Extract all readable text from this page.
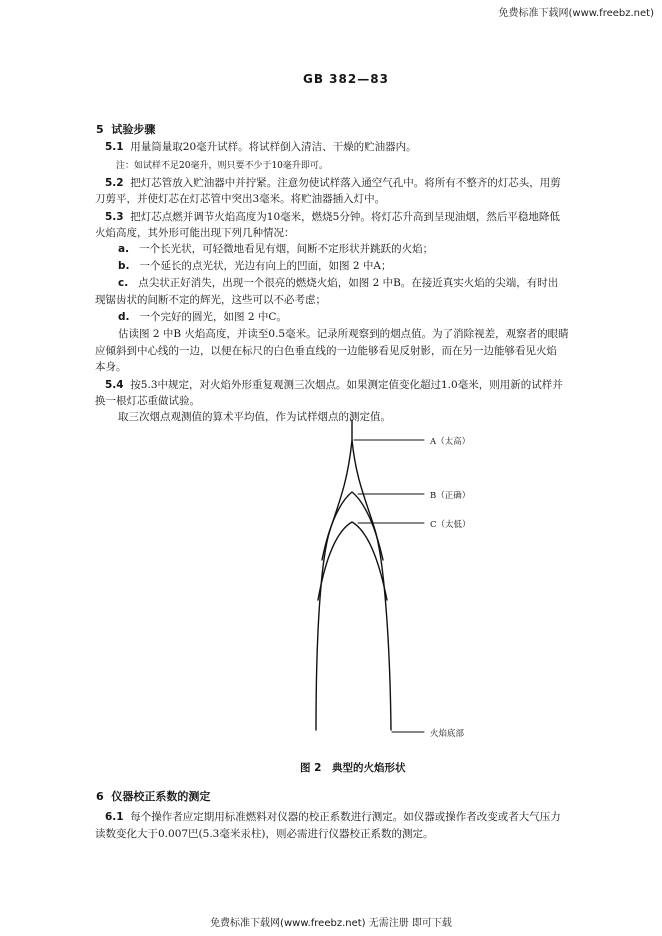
免费标准下载网(www.freebz.net)
GB 382—83
5 试验步骤
5.1 用量筒量取20毫升试样。将试样倒入清洁、干燥的贮油器内。
注：如试样不足20毫升，则只要不少于10毫升即可。
5.2 把灯芯管放入贮油器中并拧紧。注意勿使试样落入通空气孔中。将所有不整齐的灯芯头，用剪
刀剪平，并使灯芯在灯芯管中突出3毫米。将贮油器插入灯中。
5.3 把灯芯点燃并调节火焰高度为10毫米，燃烧5分钟。将灯芯升高到呈现油烟，然后平稳地降低
火焰高度，其外形可能出现下列几种情况：
a. 一个长光状，可轻微地看见有烟，间断不定形状并跳跃的火焰；
b. 一个延长的点光状，光边有向上的凹面，如图 2 中A；
c. 点尖状正好消失，出现一个很亮的燃烧火焰，如图 2 中B。在接近真实火焰的尖端，有时出
现锯齿状的间断不定的辉光，这些可以不必考虑；
d. 一个完好的圆光，如图 2 中C。
估读图 2 中B 火焰高度，并读至0.5毫米。记录所观察到的烟点值。为了消除视差，观察者的眼睛
应倾斜到中心线的一边，以便在标尺的白色垂直线的一边能够看见反射影，而在另一边能够看见火焰
本身。
5.4 按5.3中规定，对火焰外形重复观测三次烟点。如果测定值变化超过1.0毫米，则用新的试样并
换一根灯芯重做试验。
取三次烟点观测值的算术平均值，作为试样烟点的测定值。
A（太高）
B（正确）
C（太低）
火焰底部
图 2　典型的火焰形状
6 仪器校正系数的测定
6.1 每个操作者应定期用标准燃料对仪器的校正系数进行测定。如仪器或操作者改变或者大气压力
读数变化大于0.007巴(5.3毫米汞柱)，则必需进行仪器校正系数的测定。
免费标准下载网(www.freebz.net) 无需注册 即可下载
